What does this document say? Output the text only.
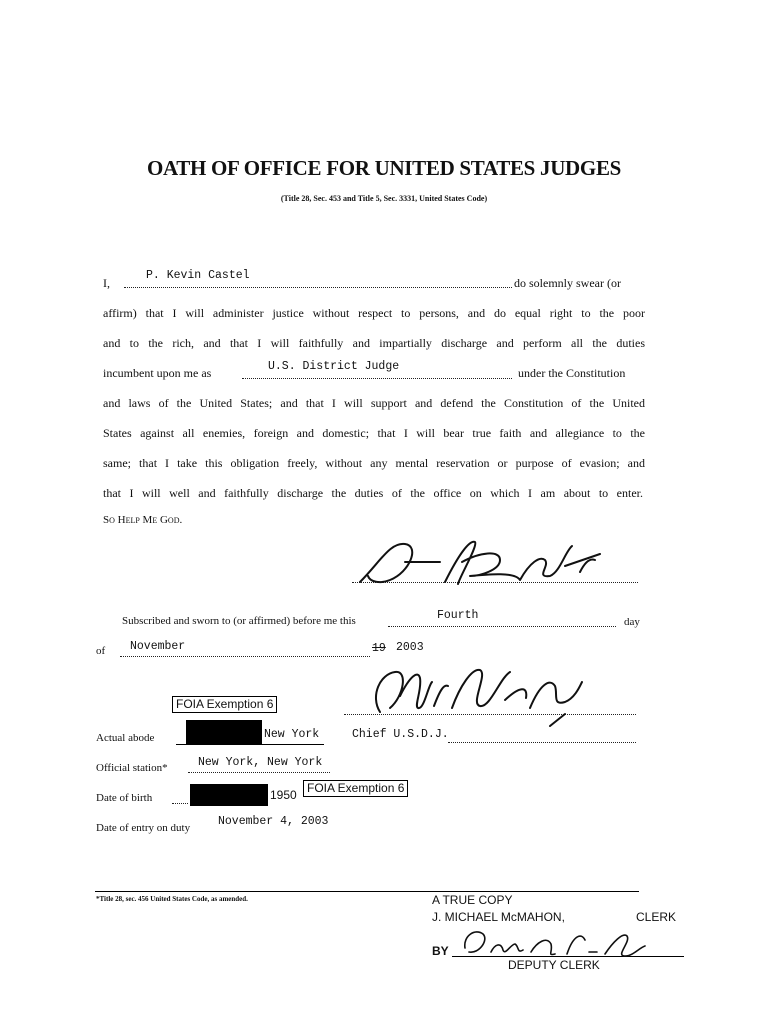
OATH OF OFFICE FOR UNITED STATES JUDGES
(Title 28, Sec. 453 and Title 5, Sec. 3331, United States Code)
I,
P. Kevin Castel
do solemnly swear (or
affirm) that I will administer justice without respect to persons, and do equal right to the poor
and to the rich, and that I will faithfully and impartially discharge and perform all the duties
incumbent upon me as	U.S. District Judge	under the Constitution
and laws of the United States; and that I will support and defend the Constitution of the United
States against all enemies, foreign and domestic; that I will bear true faith and allegiance to the
same; that I take this obligation freely, without any mental reservation or purpose of evasion; and
that I will well and faithfully discharge the duties of the office on which I am about to enter.
So Help Me God.
Subscribed and sworn to (or affirmed) before me this	Fourth	day
of November	19 2003
FOIA Exemption 6
Actual abode	New York	Chief U.S.D.J.
Official station*	New York, New York
Date of birth	1950 FOIA Exemption 6
Date of entry on duty November 4, 2003
*Title 28, sec. 456 United States Code, as amended.	A TRUE COPY
J. MICHAEL McMAHON,	CLERK
BY
DEPUTY CLERK
